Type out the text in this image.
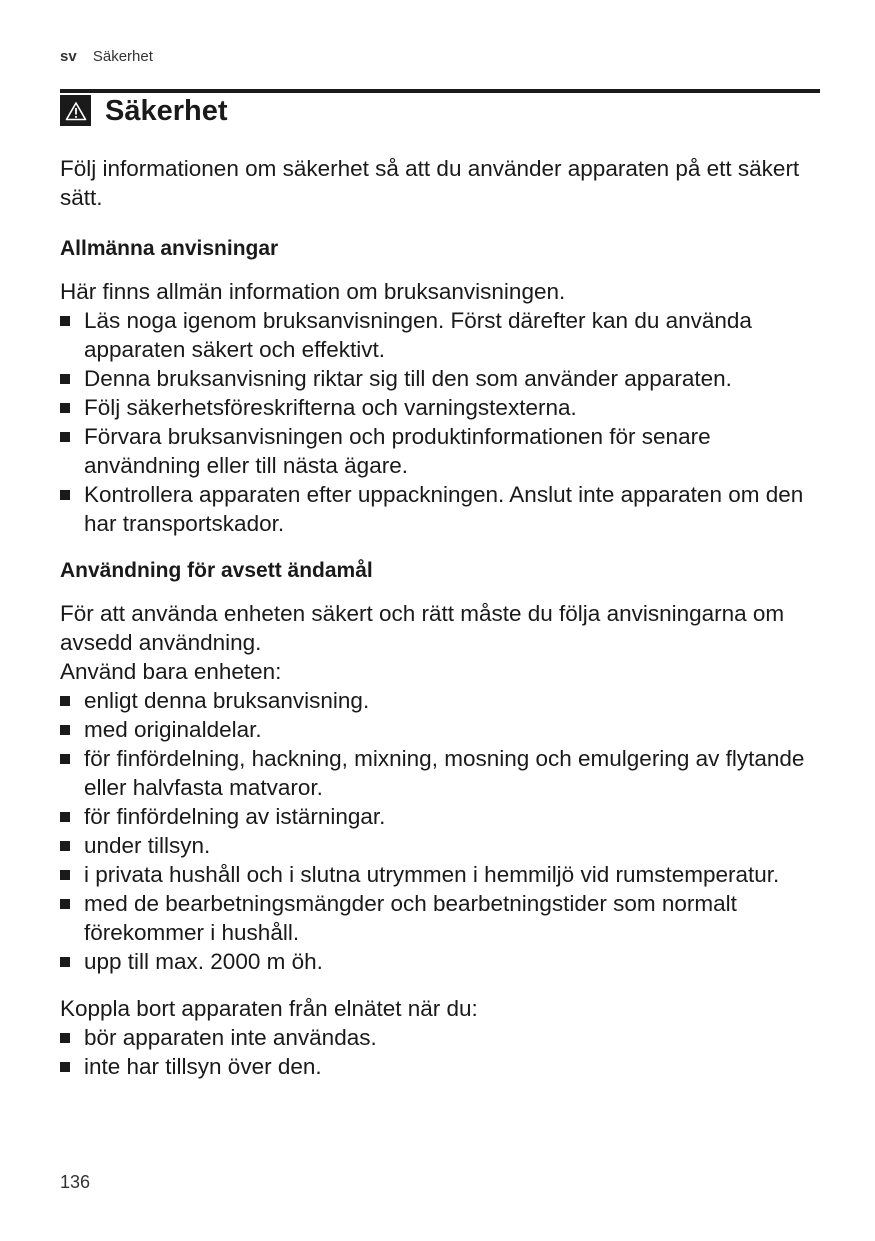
sv Säkerhet
Säkerhet

Följ informationen om säkerhet så att du använder apparaten på ett säkert sätt.

Allmänna anvisningar

Här finns allmän information om bruksanvisningen.

Läs noga igenom bruksanvisningen. Först därefter kan du använda apparaten säkert och effektivt.
Denna bruksanvisning riktar sig till den som använder apparaten.
Följ säkerhetsföreskrifterna och varningstexterna.
Förvara bruksanvisningen och produktinformationen för senare användning eller till nästa ägare.
Kontrollera apparaten efter uppackningen. Anslut inte apparaten om den har transportskador.
Användning för avsett ändamål

För att använda enheten säkert och rätt måste du följa anvisningarna om avsedd användning.

Använd bara enheten:

enligt denna bruksanvisning.
med originaldelar.
för finfördelning, hackning, mixning, mosning och emulgering av flytande eller halvfasta matvaror.
för finfördelning av istärningar.
under tillsyn.
i privata hushåll och i slutna utrymmen i hemmiljö vid rumstemperatur.
med de bearbetningsmängder och bearbetningstider som normalt förekommer i hushåll.
upp till max. 2000 m öh.

Koppla bort apparaten från elnätet när du:

bör apparaten inte användas.
inte har tillsyn över den.
136
